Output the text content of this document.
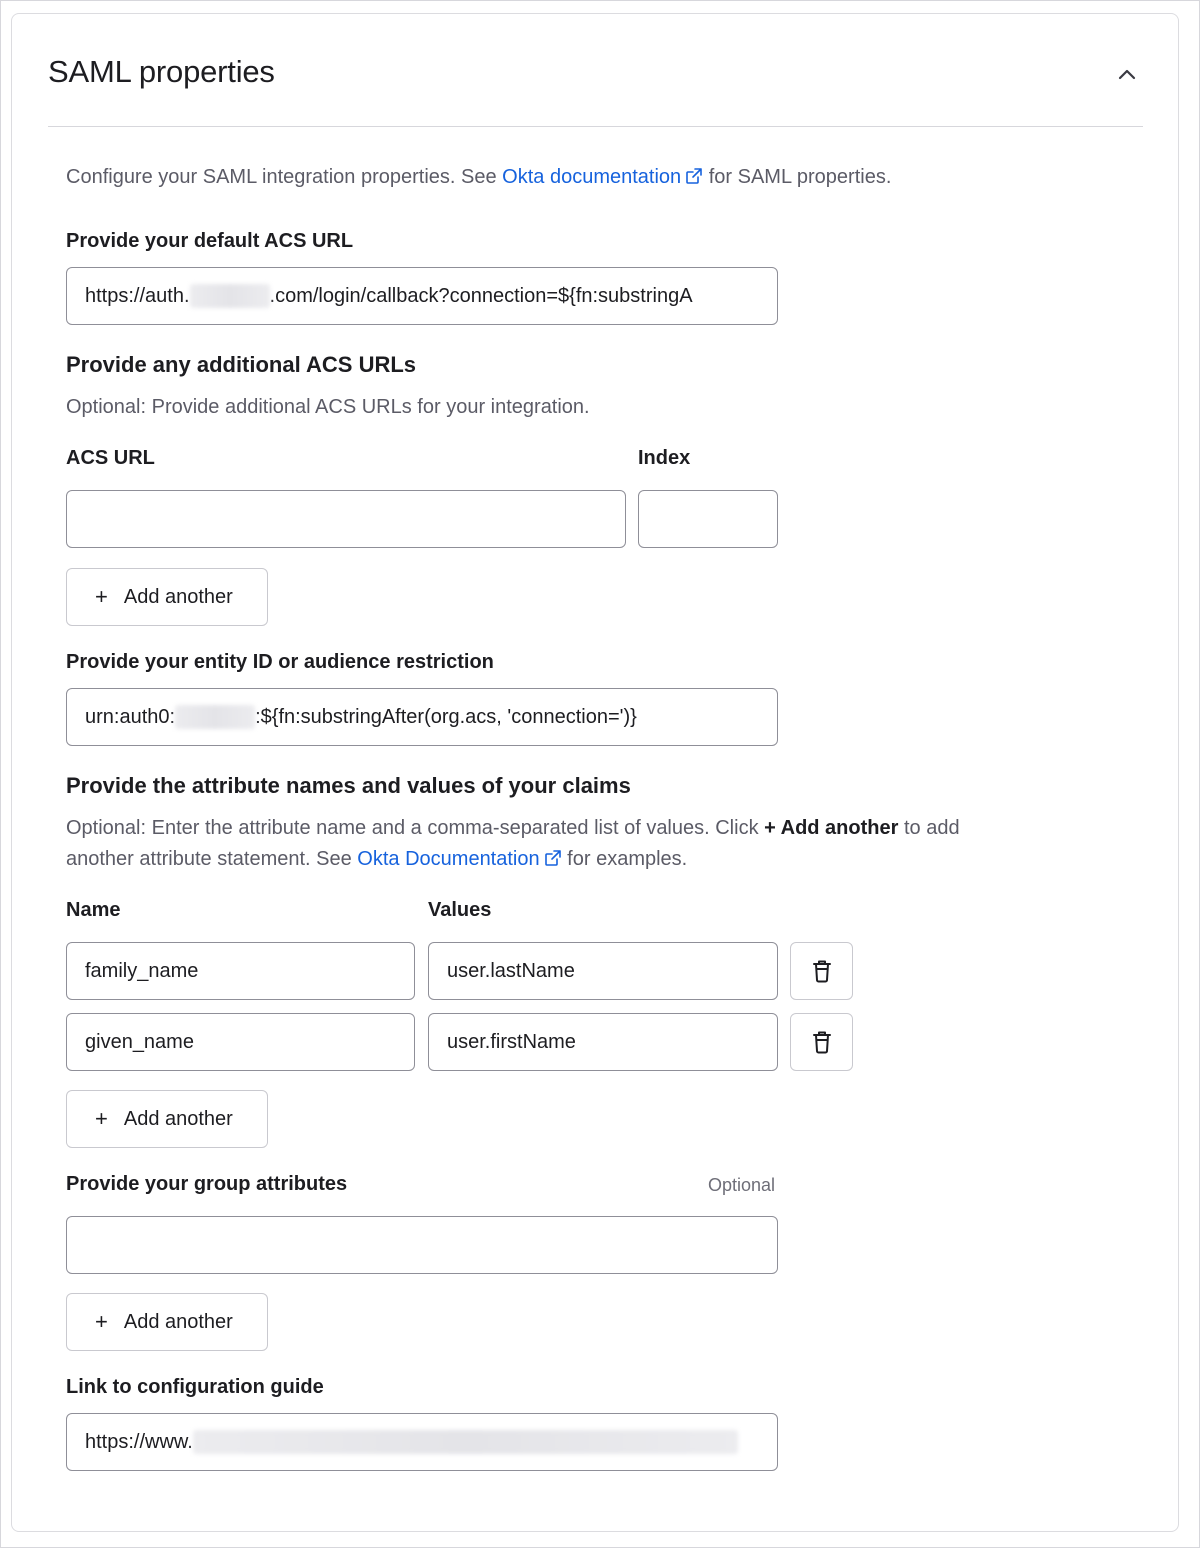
SAML properties
Configure your SAML integration properties. See Okta documentation for SAML properties.
Provide your default ACS URL
https://auth.	.com/login/callback?connection=${fn:substringA
Provide any additional ACS URLs
Optional: Provide additional ACS URLs for your integration.
ACS URL	Index
+ Add another
Provide your entity ID or audience restriction
urn:auth0:	:${fn:substringAfter(org.acs, 'connection=')}
Provide the attribute names and values of your claims
Optional: Enter the attribute name and a comma-separated list of values. Click + Add another to add
another attribute statement. See Okta Documentation for examples.
Name	Values
family_name	user.lastName
given_name	user.firstName
+ Add another
Provide your group attributes	Optional
+ Add another
Link to configuration guide
https://www.
